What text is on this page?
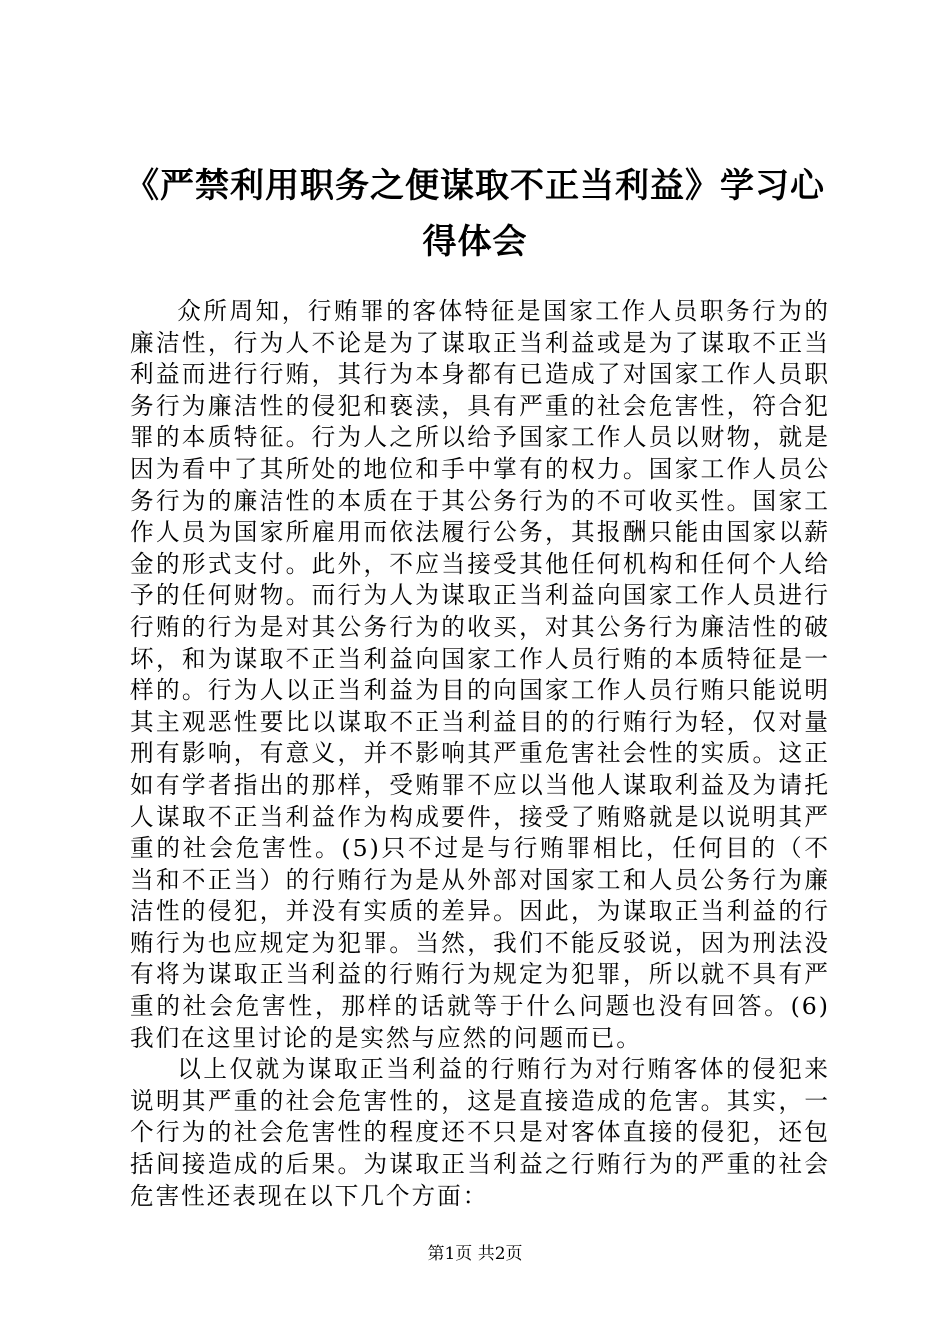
《严禁利用职务之便谋取不正当利益》学习心得体会

众所周知，行贿罪的客体特征是国家工作人员职务行为的廉洁性，行为人不论是为了谋取正当利益或是为了谋取不正当利益而进行行贿，其行为本身都有已造成了对国家工作人员职务行为廉洁性的侵犯和亵渎，具有严重的社会危害性，符合犯罪的本质特征。行为人之所以给予国家工作人员以财物，就是因为看中了其所处的地位和手中掌有的权力。国家工作人员公务行为的廉洁性的本质在于其公务行为的不可收买性。国家工作人员为国家所雇用而依法履行公务，其报酬只能由国家以薪金的形式支付。此外，不应当接受其他任何机构和任何个人给予的任何财物。而行为人为谋取正当利益向国家工作人员进行行贿的行为是对其公务行为的收买，对其公务行为廉洁性的破坏，和为谋取不正当利益向国家工作人员行贿的本质特征是一样的。行为人以正当利益为目的向国家工作人员行贿只能说明其主观恶性要比以谋取不正当利益目的的行贿行为轻，仅对量刑有影响，有意义，并不影响其严重危害社会性的实质。这正如有学者指出的那样，受贿罪不应以当他人谋取利益及为请托人谋取不正当利益作为构成要件，接受了贿赂就是以说明其严重的社会危害性。(5)只不过是与行贿罪相比，任何目的（不当和不正当）的行贿行为是从外部对国家工和人员公务行为廉洁性的侵犯，并没有实质的差异。因此，为谋取正当利益的行贿行为也应规定为犯罪。当然，我们不能反驳说，因为刑法没有将为谋取正当利益的行贿行为规定为犯罪，所以就不具有严重的社会危害性，那样的话就等于什么问题也没有回答。(6)我们在这里讨论的是实然与应然的问题而已。

以上仅就为谋取正当利益的行贿行为对行贿客体的侵犯来说明其严重的社会危害性的，这是直接造成的危害。其实，一个行为的社会危害性的程度还不只是对客体直接的侵犯，还包括间接造成的后果。为谋取正当利益之行贿行为的严重的社会危害性还表现在以下几个方面：

第1页 共2页
